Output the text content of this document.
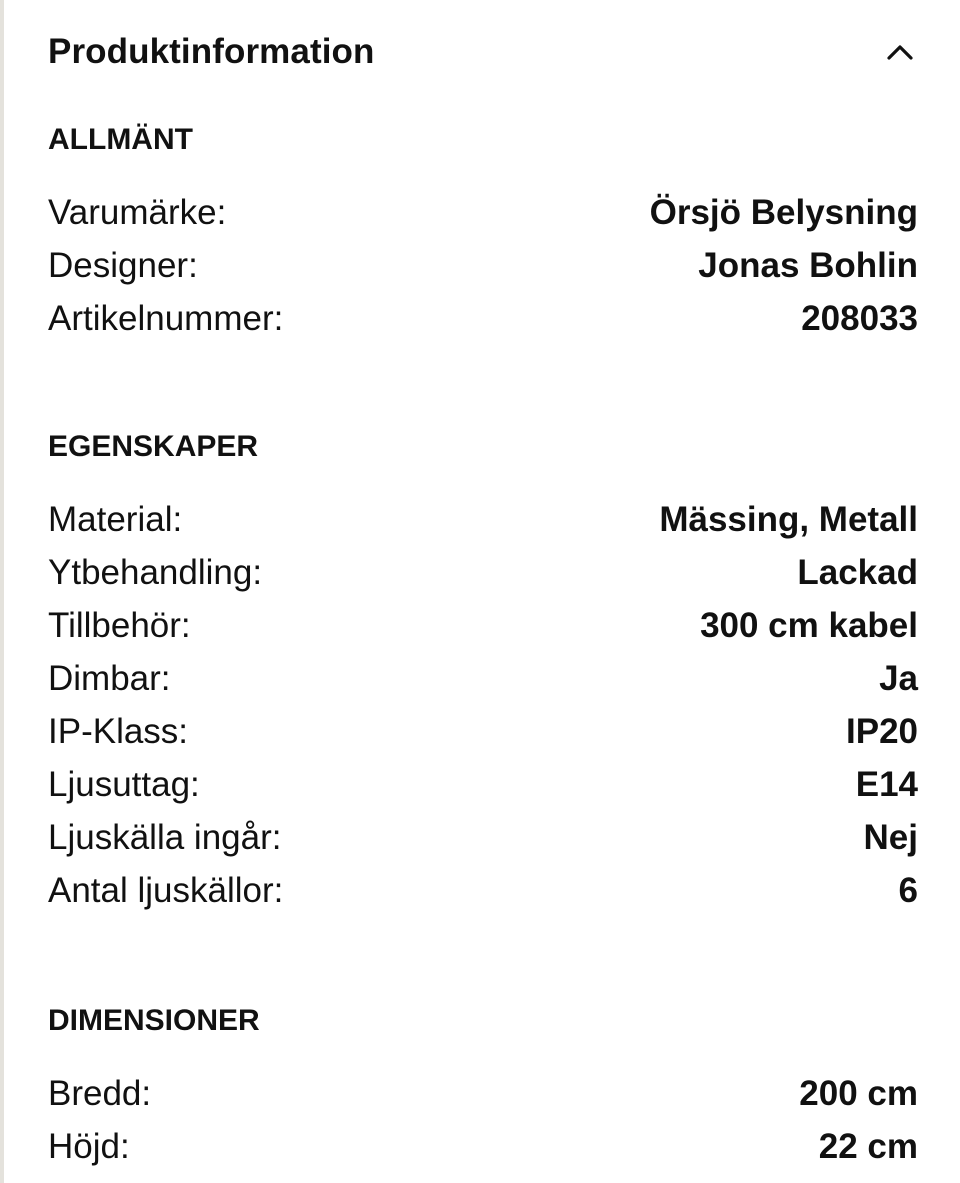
Produktinformation
ALLMÄNT
Varumärke:	Örsjö Belysning
Designer:	Jonas Bohlin
Artikelnummer:	208033
EGENSKAPER
Material:	Mässing, Metall
Ytbehandling:	Lackad
Tillbehör:	300 cm kabel
Dimbar:	Ja
IP-Klass:	IP20
Ljusuttag:	E14
Ljuskälla ingår:	Nej
Antal ljuskällor:	6
DIMENSIONER
Bredd:	200 cm
Höjd:	22 cm
